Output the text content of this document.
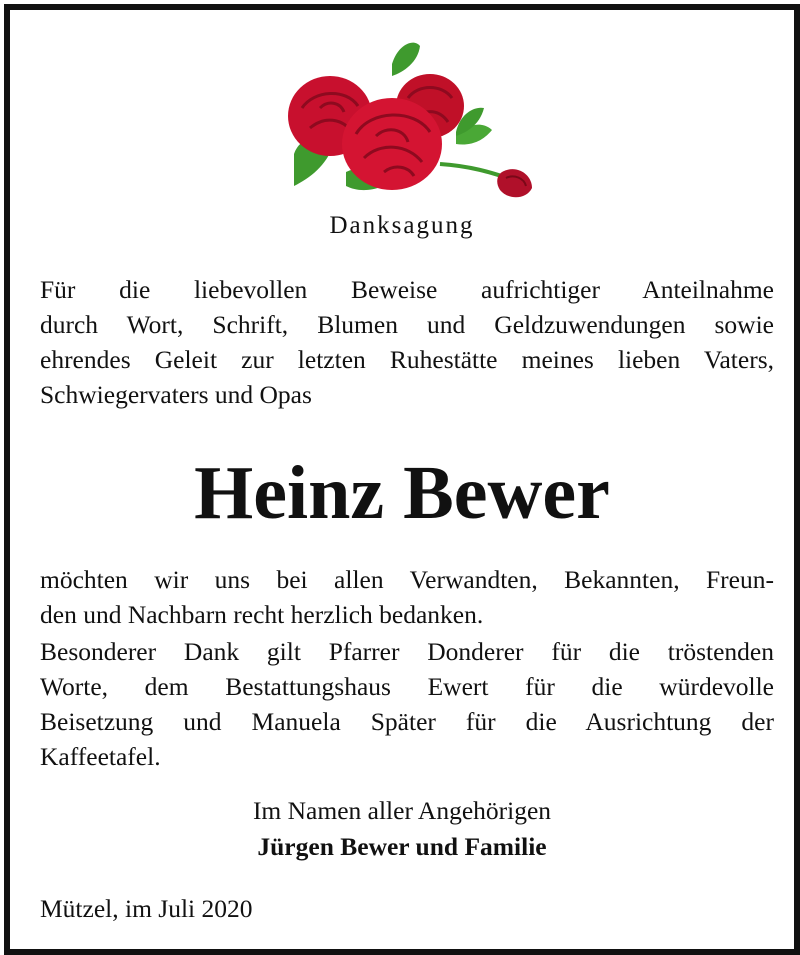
Danksagung
Für die liebevollen Beweise aufrichtiger Anteilnahme
durch Wort, Schrift, Blumen und Geldzuwendungen sowie
ehrendes Geleit zur letzten Ruhestätte meines lieben Vaters,
Schwiegervaters und Opas
Heinz Bewer
möchten wir uns bei allen Verwandten, Bekannten, Freun-
den und Nachbarn recht herzlich bedanken.
Besonderer Dank gilt Pfarrer Donderer für die tröstenden
Worte, dem Bestattungshaus Ewert für die würdevolle
Beisetzung und Manuela Später für die Ausrichtung der
Kaffeetafel.
Im Namen aller Angehörigen
Jürgen Bewer und Familie
Mützel, im Juli 2020
